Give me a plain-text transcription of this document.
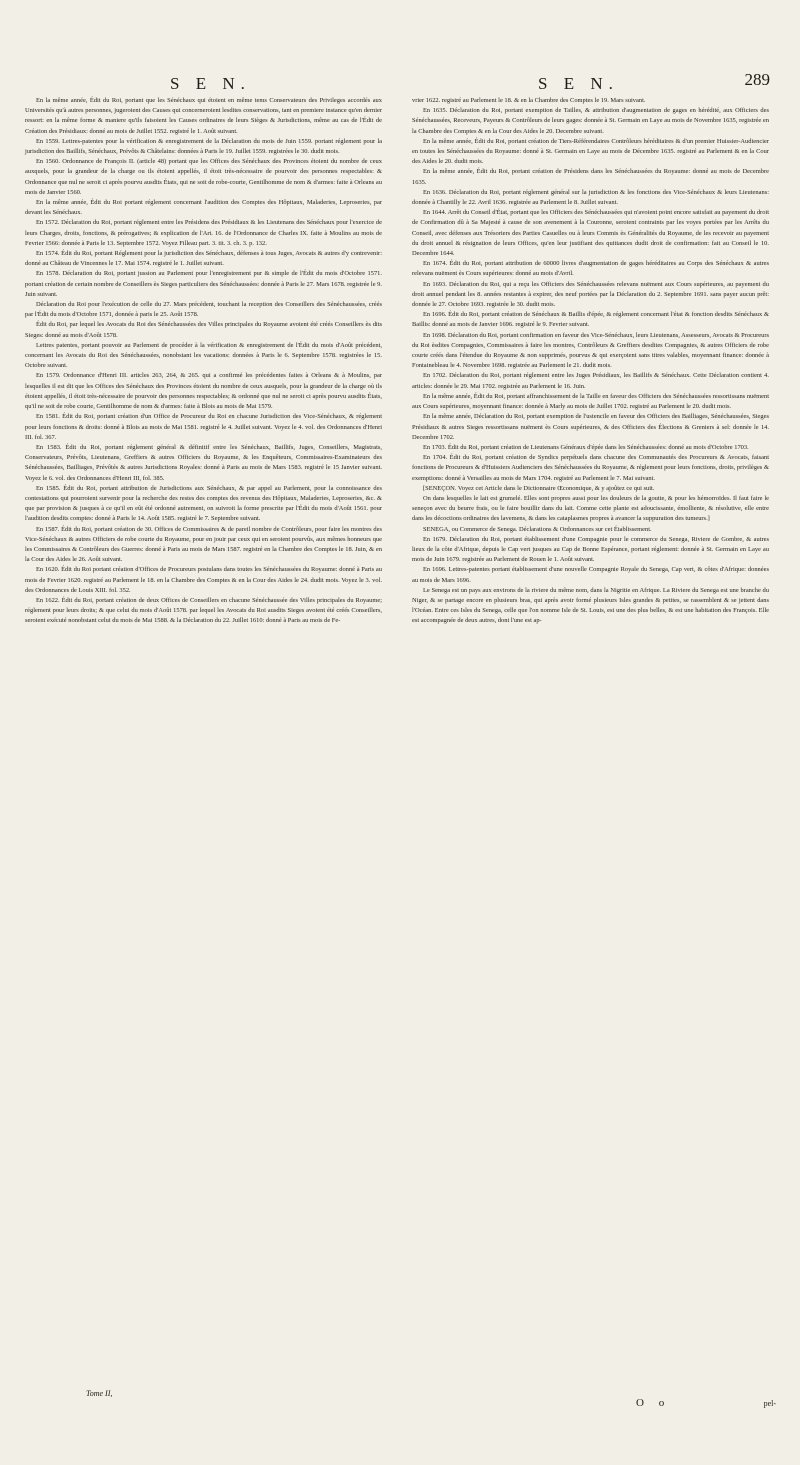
S E N.	S E N.	289

En la même année, Édit du Roi, portant que les Sénéchaux qui étoient en même tems Conservateurs des Privileges accordés aux Universités qu'à autres personnes, jugeroient des Causes qui concerneroient lesdites conservations, tant en premiere instance qu'en dernier ressort: en la même forme & maniere qu'ils faisoient les Causes ordinaires de leurs Sièges & Jurisdictions, même au cas de l'Édit de Création des Présidiaux: donné au mois de Juillet 1552. registré le 1. Août suivant.

En 1559. Lettres-patentes pour la vérification & enregistrement de la Déclaration du mois de Juin 1559. portant réglement pour la jurisdiction des Baillifs, Sénéchaux, Prévôts & Châtelains: données à Paris le 19. Juillet 1559. registrées le 30. dudit mois.

En 1560. Ordonnance de François II. (article 48) portant que les Offices des Sénéchaux des Provinces étoient du nombre de ceux auxquels, pour la grandeur de la charge ou ils étoient appellés, il étoit très-nécessaire de pourvoir des personnes respectables: & Ordonnance que nul ne seroit ci après pourvu ausdits États, qui ne soit de robe-courte, Gentilhomme de nom & d'armes: faite à Orleans au mois de Janvier 1560.

En la même année, Édit du Roi portant réglement concernant l'audition des Comptes des Hôpitaux, Maladeries, Leproseries, par devant les Sénéchaux.

En 1572. Déclaration du Roi, portant réglement entre les Présidens des Présidiaux & les Lieutenans des Sénéchaux pour l'exercice de leurs Charges, droits, fonctions, & prérogatives; & explication de l'Art. 16. de l'Ordonnance de Charles IX. faite à Moulins au mois de Fevrier 1566: donnée à Paris le 13. Septembre 1572. Voyez Filleau part. 3. tit. 3. ch. 3. p. 132.

En 1574. Édit du Roi, portant Réglement pour la jurisdiction des Sénéchaux, défenses à tous Juges, Avocats & autres d'y contrevenir: donné au Château de Vincennes le 17. Mai 1574. registré le 1. Juillet suivant.

En 1578. Déclaration du Roi, portant jussion au Parlement pour l'enregistrement pur & simple de l'Édit du mois d'Octobre 1571. portant création de certain nombre de Conseillers ès Sieges particuliers des Sénéchaussées: donnée à Paris le 27. Mars 1678. registrée le 9. Juin suivant.

Déclaration du Roi pour l'exécution de celle du 27. Mars précédent, touchant la reception des Conseillers des Sénéchaussées, créés par l'Édit du mois d'Octobre 1571, donnée à paris le 25. Août 1578.

Édit du Roi, par lequel les Avocats du Roi des Sénéchaussées des Villes principales du Royaume avoient été créés Conseillers ès dits Sieges: donné au mois d'Août 1578.

Lettres patentes, portant pouvoir au Parlement de procéder à la vérification & enregistrement de l'Édit du mois d'Août précédent, concernant les Avocats du Roi des Sénéchaussées, nonobstant les vacations: données à Paris le 6. Septembre 1578. registrées le 15. Octobre suivant.

En 1579. Ordonnance d'Henri III. articles 263, 264, & 265. qui a confirmé les précédentes faites à Orleans & à Moulins, par lesquelles il est dit que les Offices des Sénéchaux des Provinces étoient du nombre de ceux ausquels, pour la grandeur de la charge où ils étoient appellés, il étoit très-nécessaire de pourvoir des personnes respectables; & ordonné que nul ne seroit ci après pourvu ausdits États, qu'il ne soit de robe courte, Gentilhomme de nom & d'armes: faite à Blois au mois de Mai 1579.

En 1581. Édit du Roi, portant création d'un Office de Procureur du Roi en chacune Jurisdiction des Vice-Sénéchaux, & réglement pour leurs fonctions & droits: donné à Blois au mois de Mai 1581. registré le 4. Juillet suivant. Voyez le 4. vol. des Ordonnances d'Henri III. fol. 367.

En 1583. Édit du Roi, portant réglement général & définitif entre les Sénéchaux, Baillifs, Juges, Conseillers, Magistrats, Conservateurs, Prévôts, Lieutenans, Greffiers & autres Officiers du Royaume, & les Enquêteurs, Commissaires-Examinateurs des Sénéchaussées, Bailliages, Prévôtés & autres Jurisdictions Royales: donné à Paris au mois de Mars 1583. registré le 15 Janvier suivant. Voyez le 6. vol. des Ordonnances d'Henri III, fol. 385.

En 1585. Édit du Roi, portant attribution de Jurisdictions aux Sénéchaux, & par appel au Parlement, pour la connoissance des contestations qui pourroient survenir pour la recherche des restes des comptes des revenus des Hôpitaux, Maladeries, Leproseries, &c. & que par provision & jusques à ce qu'il en eût été ordonné autrement, on suivroit la forme prescrite par l'Édit du mois d'Août 1561. pour l'audition desdits comptes: donné à Paris le 14. Août 1585. registré le 7. Septembre suivant.

En 1587. Édit du Roi, portant création de 30. Offices de Commissaires & de pareil nombre de Contrôleurs, pour faire les montres des Vice-Sénéchaux & autres Officiers de robe courte du Royaume, pour en jouir par ceux qui en seroient pourvûs, aux mêmes honneurs que les Commissaires & Contrôleurs des Guerres: donné à Paris au mois de Mars 1587. registré en la Chambre des Comptes le 18. Juin, & en la Cour des Aides le 26. Août suivant.

En 1620. Édit du Roi portant création d'Offices de Procureurs postulans dans toutes les Sénéchaussées du Royaume: donné à Paris au mois de Fevrier 1620. registré au Parlement le 18. en la Chambre des Comptes & en la Cour des Aides le 24. dudit mois. Voyez le 3. vol. des Ordonnances de Louis XIII. fol. 352.

En 1622. Édit du Roi, portant création de deux Offices de Conseillers en chacune Sénéchaussée des Villes principales du Royaume; réglement pour leurs droits; & que celui du mois d'Août 1578. par lequel les Avocats du Roi ausdits Sieges avoient été créés Conseillers, seroient exécuté nonobstant celui du mois de Mai 1588. & la Déclaration du 22. Juillet 1610: donné à Paris au mois de Fe-

vrier 1622. registré au Parlement le 18. & en la Chambre des Comptes le 19. Mars suivant.

En 1635. Déclaration du Roi, portant exemption de Tailles, & attribution d'augmentation de gages en hérédité, aux Officiers des Sénéchaussées, Receveurs, Payeurs & Contrôleurs de leurs gages: donnée à St. Germain en Laye au mois de Novembre 1635, registrée en la Chambre des Comptes & en la Cour des Aides le 20. Decembre suivant.

En la même année, Édit du Roi, portant création de Tiers-Référendaires Contrôleurs héréditaires & d'un premier Huissier-Audiencier en toutes les Sénéchaussées du Royaume: donné à St. Germain en Laye au mois de Décembre 1635. registré au Parlement & en la Cour des Aides le 20. dudit mois.

En la même année, Édit du Roi, portant création de Présidens dans les Sénéchaussées du Royaume: donné au mois de Decembre 1635.

En 1636. Déclaration du Roi, portant réglement général sur la jurisdiction & les fonctions des Vice-Sénéchaux & leurs Lieutenans: donnée à Chantilly le 22. Avril 1636. registrée au Parlement le 8. Juillet suivant.

En 1644. Arrêt du Conseil d'État, portant que les Officiers des Sénéchaussées qui n'avoient point encore satisfait au payement du droit de Confirmation dû à Sa Majesté à cause de son avenement à la Couronne, seroient contraints par les voyes portées par les Arrêts du Conseil, avec défenses aux Trésoriers des Parties Casuelles ou à leurs Commis ès Généralités du Royaume, de les recevoir au payement du droit annuel & résignation de leurs Offices, qu'en leur justifiant des quittances dudit droit de confirmation: fait au Conseil le 10. Decembre 1644.

En 1674. Édit du Roi, portant attribution de 60000 livres d'augmentation de gages héréditaires au Corps des Sénéchaux & autres relevans nuëment ès Cours supérieures: donné au mois d'Avril.

En 1693. Déclaration du Roi, qui a reçu les Officiers des Sénéchaussées relevans nuëment aux Cours supérieures, au payement du droit annuel pendant les 8. années restantes à expirer, des neuf portées par la Déclaration du 2. Septembre 1691. sans payer aucun prêt: donnée le 27. Octobre 1693. registrée le 30. dudit mois.

En 1696. Édit du Roi, portant création de Sénéchaux & Baillis d'épée, & réglement concernant l'état & fonction desdits Sénéchaux & Baillis: donné au mois de Janvier 1696. registré le 9. Fevrier suivant.

En 1698. Déclaration du Roi, portant confirmation en faveur des Vice-Sénéchaux, leurs Lieutenans, Assesseurs, Avocats & Procureurs du Roi èsdites Compagnies, Commissaires à faire les montres, Contrôleurs & Greffiers desdites Compagnies, & autres Officiers de robe courte créés dans l'étendue du Royaume & non supprimés, pourvus & qui exerçoient sans titres valables, moyennant finance: donnée à Fontainebleau le 4. Novembre 1698. registrée au Parlement le 21. dudit mois.

En 1702. Déclaration du Roi, portant réglement entre les Juges Présidiaux, les Baillifs & Sénéchaux. Cette Déclaration contient 4. articles: donnée le 29. Mai 1702. registrée au Parlement le 16. Juin.

En la même année, Édit du Roi, portant affranchissement de la Taille en faveur des Officiers des Sénéchaussées ressortissans nuëment aux Cours supérieures, moyennant finance: donnée à Marly au mois de Juillet 1702. registré au Parlement le 20. dudit mois.

En la même année, Déclaration du Roi, portant exemption de l'ustencile en faveur des Officiers des Bailliages, Sénéchaussées, Sieges Présidiaux & autres Sieges ressortissans nuëment ès Cours supérieures, & des Officiers des Élections & Greniers à sel: donnée le 14. Decembre 1702.

En 1703. Édit du Roi, portant création de Lieutenans Généraux d'épée dans les Sénéchaussées: donné au mois d'Octobre 1703.

En 1704. Édit du Roi, portant création de Syndics perpétuels dans chacune des Communautés des Procureurs & Avocats, faisant fonctions de Procureurs & d'Huissiers Audienciers des Sénéchaussées du Royaume, & réglement pour leurs fonctions, droits, privilèges & exemptions: donné à Versailles au mois de Mars 1704. registré au Parlement le 7. Mai suivant.

[SENEÇON. Voyez cet Article dans le Dictionnaire Œconomique, & y ajoûtez ce qui suit.

On dans lesquelles le lait est grumelé. Elles sont propres aussi pour les douleurs de la goutte, & pour les hémorroïdes. Il faut faire le seneçon avec du beurre frais, ou le faire bouillir dans du lait. Comme cette plante est adoucissante, émolliente, & résolutive, elle entre dans les décoctions ordinaires des lavemens, & dans les cataplasmes propres à avancer la suppuration des tumeurs.]

SENEGA, ou Commerce de Senega. Déclarations & Ordonnances sur cet Établissement.

En 1679. Déclaration du Roi, portant établissement d'une Compagnie pour le commerce du Senega, Riviere de Gombre, & autres lieux de la côte d'Afrique, depuis le Cap vert jusques au Cap de Bonne Espérance, portant réglement: donnée à St. Germain en Laye au mois de Juin 1679. registrée au Parlement de Rouen le 1. Août suivant.

En 1696. Lettres-patentes portant établissement d'une nouvelle Compagnie Royale du Senega, Cap vert, & côtes d'Afrique: données au mois de Mars 1696.

Le Senega est un pays aux environs de la riviere du même nom, dans la Nigritie en Afrique. La Riviere du Senega est une branche du Niger, & se partage encore en plusieurs bras, qui après avoir formé plusieurs Isles grandes & petites, se rassemblent & se jettent dans l'Océan. Entre ces Isles du Senega, celle que l'on nomme Isle de St. Louis, est une des plus belles, & est une habitation des François. Elle est accompagnée de deux autres, dont l'une est ap-

Tome II,
O o	pel-
